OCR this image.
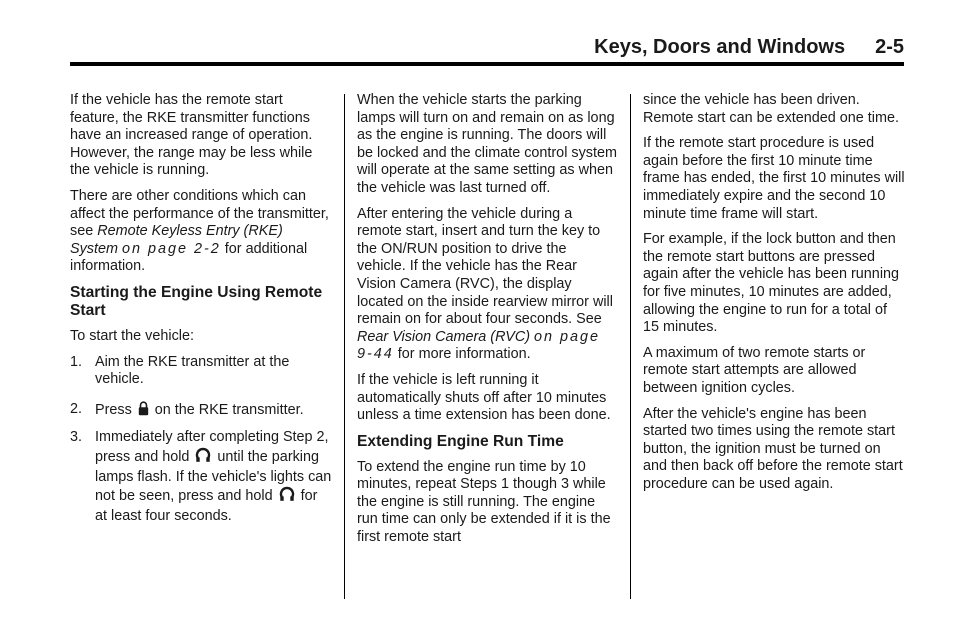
Keys, Doors and Windows 2-5

If the vehicle has the remote start feature, the RKE transmitter functions have an increased range of operation. However, the range may be less while the vehicle is running.

There are other conditions which can affect the performance of the transmitter, see Remote Keyless Entry (RKE) System on page 2-2 for additional information.

Starting the Engine Using Remote Start

To start the vehicle:

1. Aim the RKE transmitter at the vehicle.
2. Press on the RKE transmitter.
3. Immediately after completing Step 2, press and hold until the parking lamps flash. If the vehicle's lights can not be seen, press and hold for at least four seconds.

When the vehicle starts the parking lamps will turn on and remain on as long as the engine is running. The doors will be locked and the climate control system will operate at the same setting as when the vehicle was last turned off.

After entering the vehicle during a remote start, insert and turn the key to the ON/RUN position to drive the vehicle. If the vehicle has the Rear Vision Camera (RVC), the display located on the inside rearview mirror will remain on for about four seconds. See Rear Vision Camera (RVC) on page 9-44 for more information.

If the vehicle is left running it automatically shuts off after 10 minutes unless a time extension has been done.

Extending Engine Run Time

To extend the engine run time by 10 minutes, repeat Steps 1 though 3 while the engine is still running. The engine run time can only be extended if it is the first remote start

since the vehicle has been driven. Remote start can be extended one time.

If the remote start procedure is used again before the first 10 minute time frame has ended, the first 10 minutes will immediately expire and the second 10 minute time frame will start.

For example, if the lock button and then the remote start buttons are pressed again after the vehicle has been running for five minutes, 10 minutes are added, allowing the engine to run for a total of 15 minutes.

A maximum of two remote starts or remote start attempts are allowed between ignition cycles.

After the vehicle's engine has been started two times using the remote start button, the ignition must be turned on and then back off before the remote start procedure can be used again.
